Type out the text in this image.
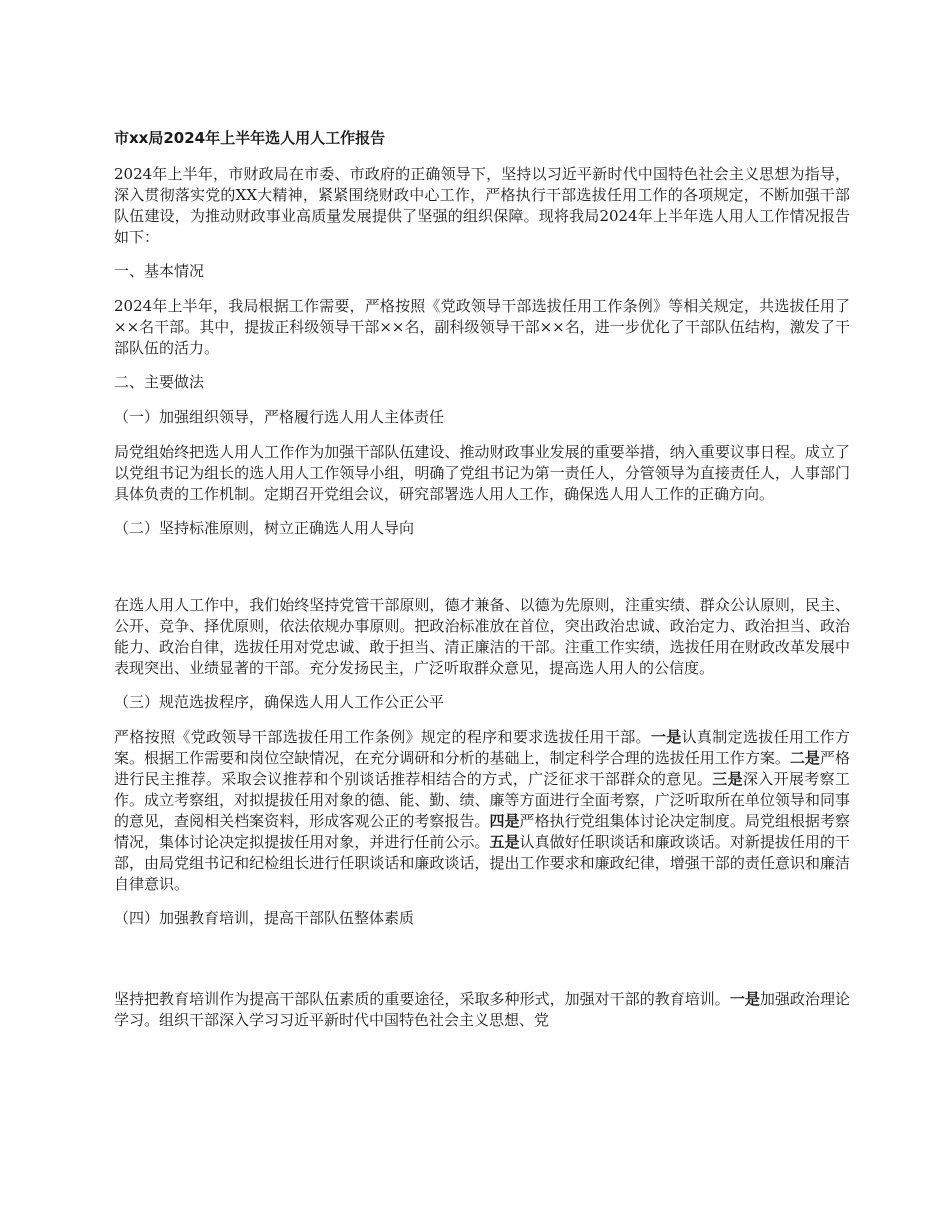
市xx局2024年上半年选人用人工作报告

2024年上半年，市财政局在市委、市政府的正确领导下，坚持以习近平新时代中国特色社会主义思想为指导，深入贯彻落实党的XX大精神，紧紧围绕财政中心工作，严格执行干部选拔任用工作的各项规定，不断加强干部队伍建设，为推动财政事业高质量发展提供了坚强的组织保障。现将我局2024年上半年选人用人工作情况报告如下：

一、基本情况

2024年上半年，我局根据工作需要，严格按照《党政领导干部选拔任用工作条例》等相关规定，共选拔任用了××名干部。其中，提拔正科级领导干部××名，副科级领导干部××名，进一步优化了干部队伍结构，激发了干部队伍的活力。

二、主要做法

（一）加强组织领导，严格履行选人用人主体责任

局党组始终把选人用人工作作为加强干部队伍建设、推动财政事业发展的重要举措，纳入重要议事日程。成立了以党组书记为组长的选人用人工作领导小组，明确了党组书记为第一责任人，分管领导为直接责任人，人事部门具体负责的工作机制。定期召开党组会议，研究部署选人用人工作，确保选人用人工作的正确方向。

（二）坚持标准原则，树立正确选人用人导向

在选人用人工作中，我们始终坚持党管干部原则，德才兼备、以德为先原则，注重实绩、群众公认原则，民主、公开、竞争、择优原则，依法依规办事原则。把政治标准放在首位，突出政治忠诚、政治定力、政治担当、政治能力、政治自律，选拔任用对党忠诚、敢于担当、清正廉洁的干部。注重工作实绩，选拔任用在财政改革发展中表现突出、业绩显著的干部。充分发扬民主，广泛听取群众意见，提高选人用人的公信度。

（三）规范选拔程序，确保选人用人工作公正公平

严格按照《党政领导干部选拔任用工作条例》规定的程序和要求选拔任用干部。一是认真制定选拔任用工作方案。根据工作需要和岗位空缺情况，在充分调研和分析的基础上，制定科学合理的选拔任用工作方案。二是严格进行民主推荐。采取会议推荐和个别谈话推荐相结合的方式，广泛征求干部群众的意见。三是深入开展考察工作。成立考察组，对拟提拔任用对象的德、能、勤、绩、廉等方面进行全面考察，广泛听取所在单位领导和同事的意见，查阅相关档案资料，形成客观公正的考察报告。四是严格执行党组集体讨论决定制度。局党组根据考察情况，集体讨论决定拟提拔任用对象，并进行任前公示。五是认真做好任职谈话和廉政谈话。对新提拔任用的干部，由局党组书记和纪检组长进行任职谈话和廉政谈话，提出工作要求和廉政纪律，增强干部的责任意识和廉洁自律意识。

（四）加强教育培训，提高干部队伍整体素质

坚持把教育培训作为提高干部队伍素质的重要途径，采取多种形式，加强对干部的教育培训。一是加强政治理论学习。组织干部深入学习习近平新时代中国特色社会主义思想、党
